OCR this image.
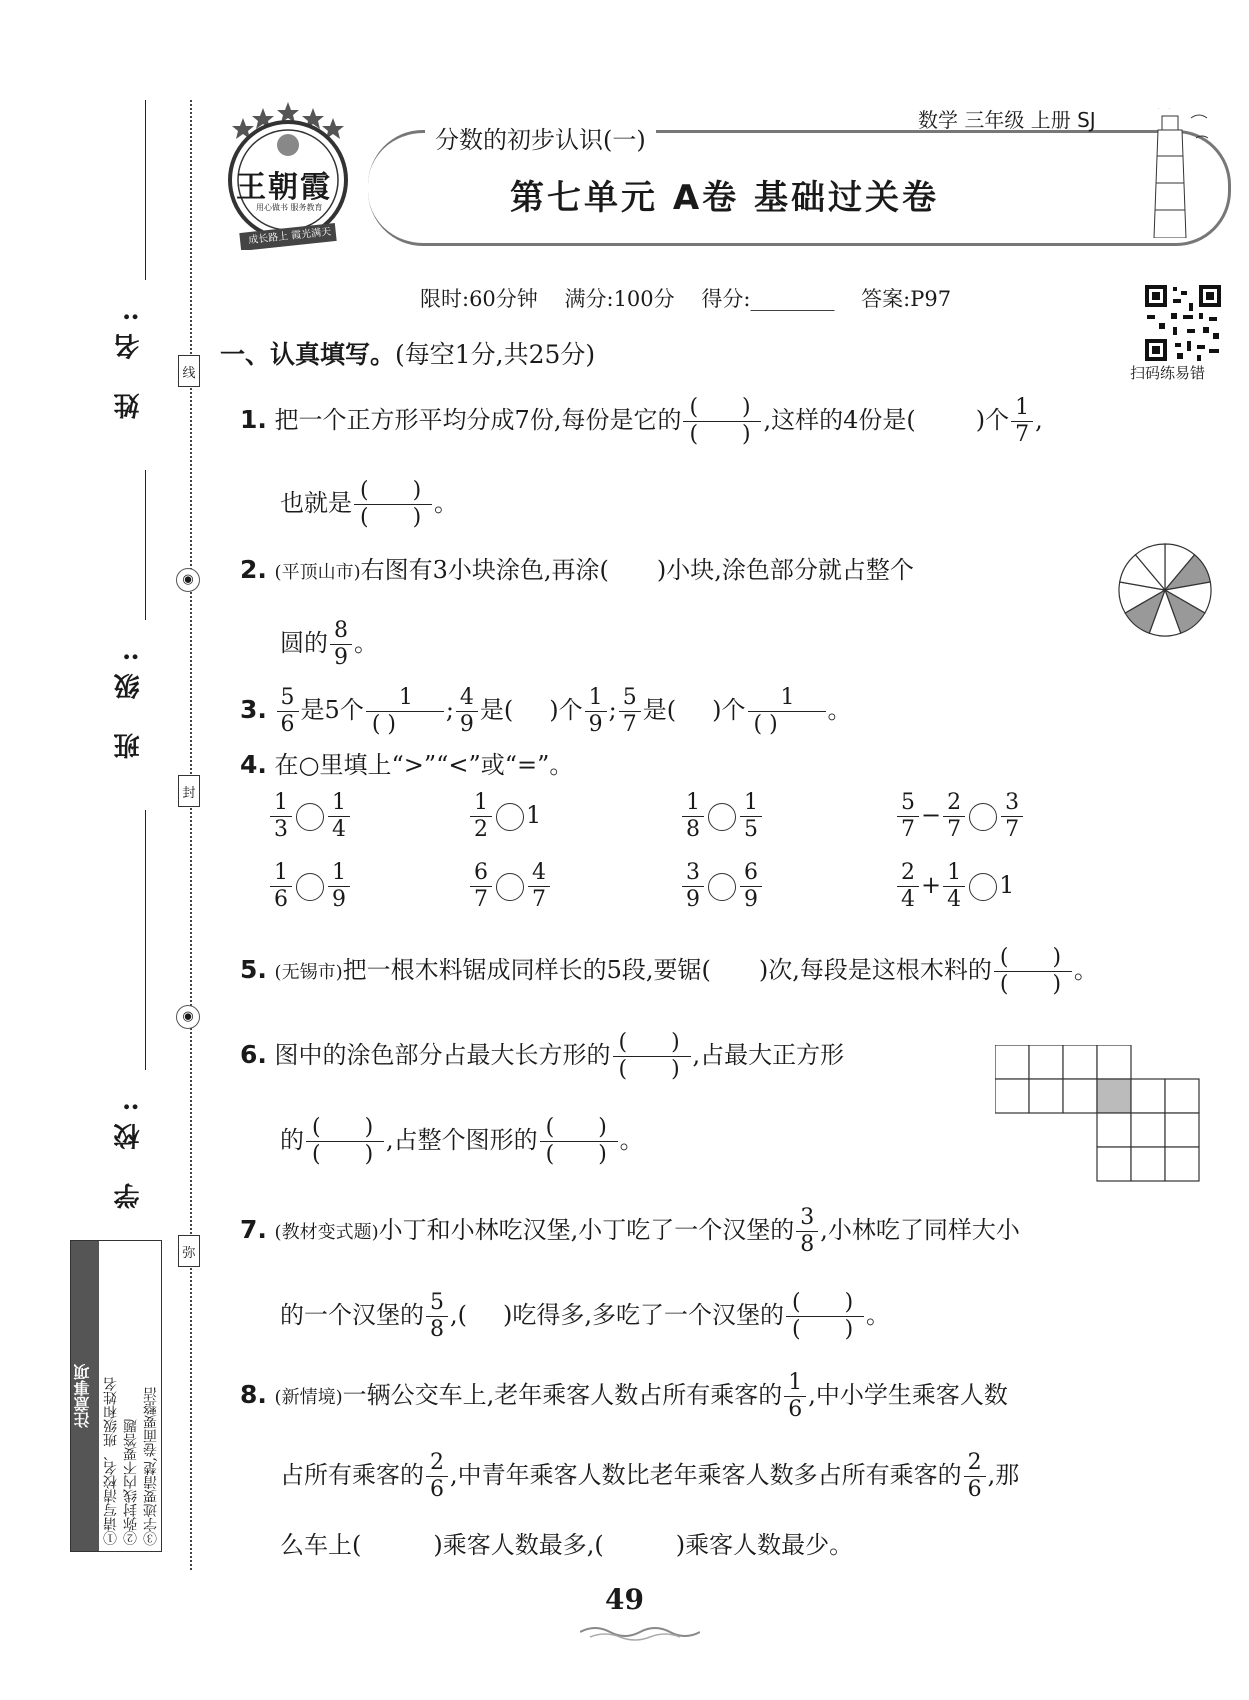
姓 名:
班 级:
学 校:
线
◉
封
◉
弥
注意事项 ①请写清校名、班级和姓名 ②弥封线内不要答题 ③字迹要清楚,卷面要整洁
王朝霞
用心做书 服务教育
成长路上 霞光满天
分数的初步认识(一)
第七单元 A卷 基础过关卷
数学 三年级 上册 SJ
限时:60分钟 满分:100分 得分:________ 答案:P97
扫码练易错
一、认真填写。(每空1分,共25分)
1. 把一个正方形平均分成7份,每份是它的 $\frac{( )}{( )}$ ,这样的4份是(   	)个 $\frac{1}{7}$ ,
也就是 $\frac{( )}{( )}$ 。
2. (平顶山市)右图有3小块涂色,再涂(   )小块,涂色部分就占整个
圆的 $\frac{8}{9}$ 。
3. $\frac{5}{6}$ 是5个 $\frac{1}{( )}$ ; $\frac{4}{9}$ 是(   )个 $\frac{1}{9}$ ; $\frac{5}{7}$ 是(   )个 $\frac{1}{( )}$ 。
4. 在○里填上“>”“<”或“=”。
$\frac{1}{3} \frac{1}{4}$	$\frac{1}{2} 1$	$\frac{1}{8} \frac{1}{5}$	$\frac{5}{7} - \frac{2}{7} \frac{3}{7}$
$\frac{1}{6} \frac{1}{9}$	$\frac{6}{7} \frac{4}{7}$	$\frac{3}{9} \frac{6}{9}$	$\frac{2}{4} + \frac{1}{4} 1$
5. (无锡市)把一根木料锯成同样长的5段,要锯(   )次,每段是这根木料的 $\frac{( )}{( )}$ 。
6. 图中的涂色部分占最大长方形的 $\frac{( )}{( )}$ ,占最大正方形
的 $\frac{( )}{( )}$ ,占整个图形的 $\frac{( )}{( )}$ 。
7. (教材变式题)小丁和小林吃汉堡,小丁吃了一个汉堡的 $\frac{3}{8}$ ,小林吃了同样大小
的一个汉堡的 $\frac{5}{8}$ ,(   )吃得多,多吃了一个汉堡的 $\frac{( )}{( )}$ 。
8. (新情境)一辆公交车上,老年乘客人数占所有乘客的 $\frac{1}{6}$ ,中小学生乘客人数
占所有乘客的 $\frac{2}{6}$ ,中青年乘客人数比老年乘客人数多占所有乘客的 $\frac{2}{6}$ ,那
么车上(   	)乘客人数最多,(   	)乘客人数最少。
49
